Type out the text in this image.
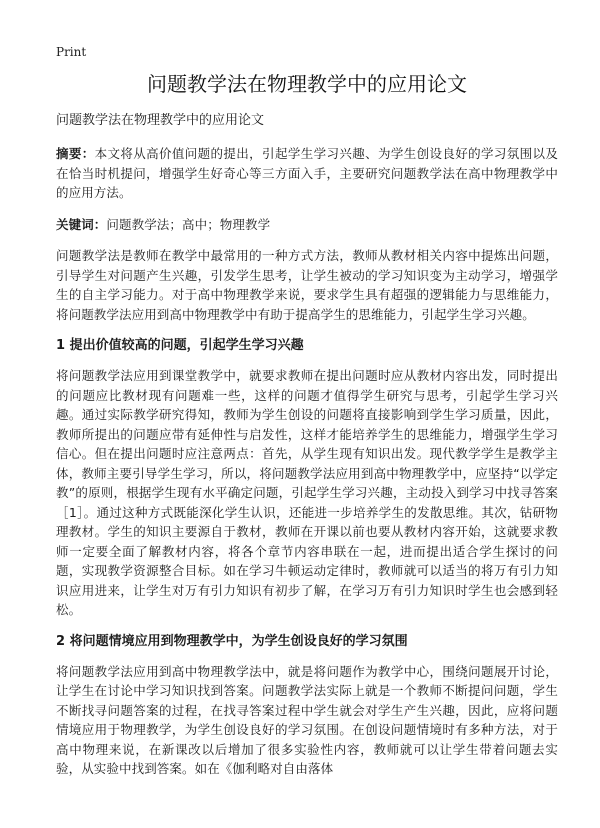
Print
问题教学法在物理教学中的应用论文
问题教学法在物理教学中的应用论文

摘要：本文将从高价值问题的提出，引起学生学习兴趣、为学生创设良好的学习氛围以及在恰当时机提问，增强学生好奇心等三方面入手，主要研究问题教学法在高中物理教学中的应用方法。

关键词：问题教学法；高中；物理教学

问题教学法是教师在教学中最常用的一种方式方法，教师从教材相关内容中提炼出问题，引导学生对问题产生兴趣，引发学生思考，让学生被动的学习知识变为主动学习，增强学生的自主学习能力。对于高中物理教学来说，要求学生具有超强的逻辑能力与思维能力，将问题教学法应用到高中物理教学中有助于提高学生的思维能力，引起学生学习兴趣。

1 提出价值较高的问题，引起学生学习兴趣

将问题教学法应用到课堂教学中，就要求教师在提出问题时应从教材内容出发，同时提出的问题应比教材现有问题难一些，这样的问题才值得学生研究与思考，引起学生学习兴趣。通过实际教学研究得知，教师为学生创设的问题将直接影响到学生学习质量，因此，教师所提出的问题应带有延伸性与启发性，这样才能培养学生的思维能力，增强学生学习信心。但在提出问题时应注意两点：首先，从学生现有知识出发。现代教学学生是教学主体，教师主要引导学生学习，所以，将问题教学法应用到高中物理教学中，应坚持“以学定教”的原则，根据学生现有水平确定问题，引起学生学习兴趣，主动投入到学习中找寻答案［1］。通过这种方式既能深化学生认识，还能进一步培养学生的发散思维。其次，钻研物理教材。学生的知识主要源自于教材，教师在开课以前也要从教材内容开始，这就要求教师一定要全面了解教材内容，将各个章节内容串联在一起，进而提出适合学生探讨的问题，实现教学资源整合目标。如在学习牛顿运动定律时，教师就可以适当的将万有引力知识应用进来，让学生对万有引力知识有初步了解，在学习万有引力知识时学生也会感到轻松。

2 将问题情境应用到物理教学中，为学生创设良好的学习氛围

将问题教学法应用到高中物理教学法中，就是将问题作为教学中心，围绕问题展开讨论，让学生在讨论中学习知识找到答案。问题教学法实际上就是一个教师不断提问问题，学生不断找寻问题答案的过程，在找寻答案过程中学生就会对学生产生兴趣，因此，应将问题情境应用于物理教学，为学生创设良好的学习氛围。在创设问题情境时有多种方法，对于高中物理来说，在新课改以后增加了很多实验性内容，教师就可以让学生带着问题去实验，从实验中找到答案。如在《伽利略对自由落体
